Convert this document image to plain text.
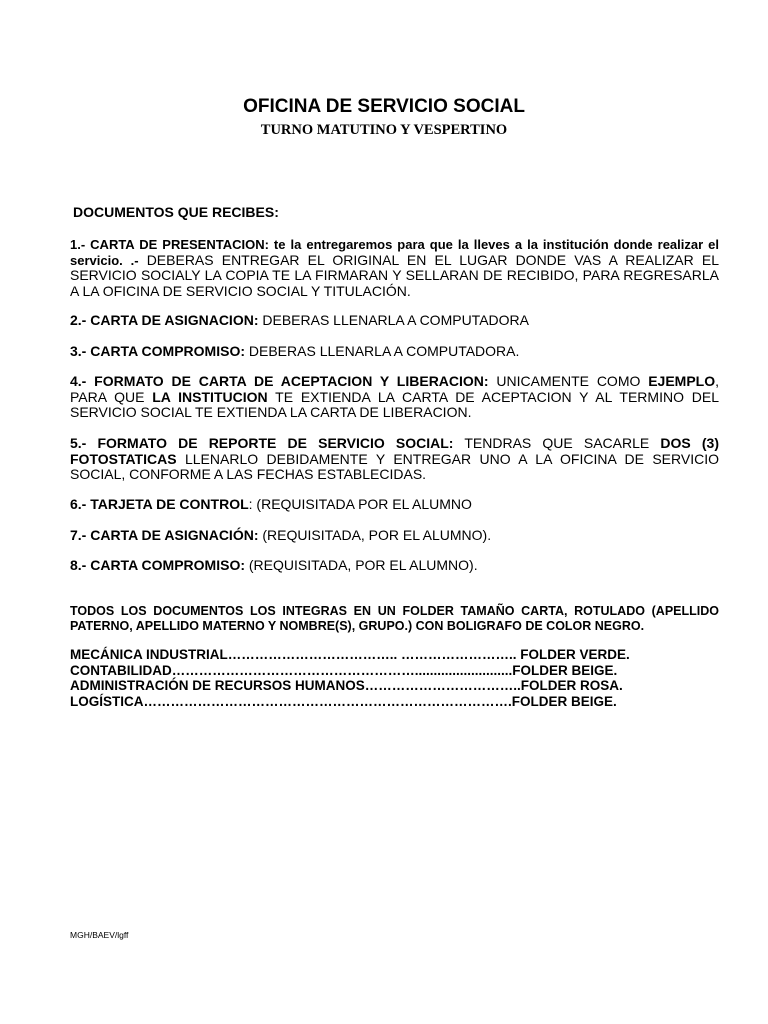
OFICINA DE SERVICIO SOCIAL
TURNO MATUTINO Y VESPERTINO
DOCUMENTOS QUE RECIBES:
1.- CARTA DE PRESENTACION: te la entregaremos para que la lleves a la institución donde realizar el servicio. .- DEBERAS ENTREGAR EL ORIGINAL EN EL LUGAR DONDE VAS A REALIZAR EL SERVICIO SOCIALY LA COPIA TE LA FIRMARAN Y SELLARAN DE RECIBIDO, PARA REGRESARLA A LA OFICINA DE SERVICIO SOCIAL Y TITULACIÓN.
2.- CARTA DE ASIGNACION: DEBERAS LLENARLA A COMPUTADORA
3.- CARTA COMPROMISO: DEBERAS LLENARLA A COMPUTADORA.
4.- FORMATO DE CARTA DE ACEPTACION Y LIBERACION: UNICAMENTE COMO EJEMPLO, PARA QUE LA INSTITUCION TE EXTIENDA LA CARTA DE ACEPTACION Y AL TERMINO DEL SERVICIO SOCIAL TE EXTIENDA LA CARTA DE LIBERACION.
5.- FORMATO DE REPORTE DE SERVICIO SOCIAL: TENDRAS QUE SACARLE DOS (3) FOTOSTATICAS LLENARLO DEBIDAMENTE Y ENTREGAR UNO A LA OFICINA DE SERVICIO SOCIAL, CONFORME A LAS FECHAS ESTABLECIDAS.
6.- TARJETA DE CONTROL: (REQUISITADA POR EL ALUMNO
7.- CARTA DE ASIGNACIÓN: (REQUISITADA, POR EL ALUMNO).
8.- CARTA COMPROMISO: (REQUISITADA, POR EL ALUMNO).
TODOS LOS DOCUMENTOS LOS INTEGRAS EN UN FOLDER TAMAÑO CARTA, ROTULADO (APELLIDO PATERNO, APELLIDO MATERNO Y NOMBRE(S), GRUPO.) CON BOLIGRAFO DE COLOR NEGRO.
MECÁNICA INDUSTRIAL……………………………….. …………………….. FOLDER VERDE.
CONTABILIDAD………………………………………………..........................FOLDER BEIGE.
ADMINISTRACIÓN DE RECURSOS HUMANOS……………………………..FOLDER ROSA.
LOGÍSTICA……………………………………………………………………….FOLDER BEIGE.
MGH/BAEV/lgff
